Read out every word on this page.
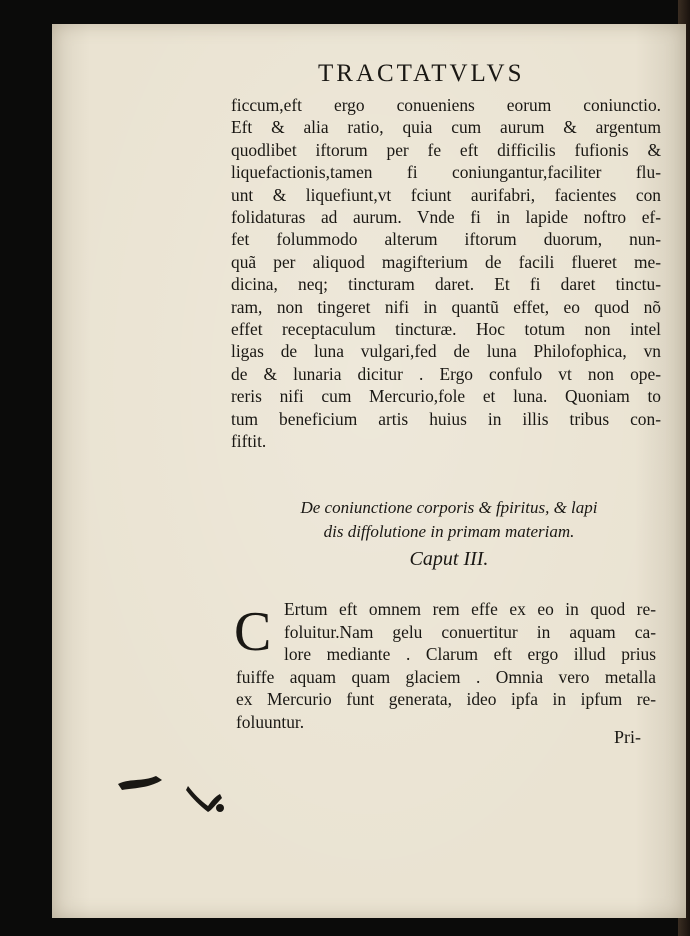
TRACTATVLVS
ficcum,eft ergo conueniens eorum coniunctio.
Eft & alia ratio, quia cum aurum & argentum
quodlibet iftorum per fe eft difficilis fufionis &
liquefactionis,tamen fi coniungantur,faciliter flu-
unt & liquefiunt,vt fciunt aurifabri, facientes con
folidaturas ad aurum. Vnde fi in lapide noftro ef-
fet folummodo alterum iftorum duorum, nun-
quã per aliquod magifterium de facili flueret me-
dicina, neq; tincturam daret. Et fi daret tinctu-
ram, non tingeret nifi in quantũ effet, eo quod nõ
effet receptaculum tincturæ. Hoc totum non intel
ligas de luna vulgari,fed de luna Philofophica, vn
de & lunaria dicitur . Ergo confulo vt non ope-
reris nifi cum Mercurio,fole et luna. Quoniam to
tum beneficium artis huius in illis tribus con-
fiftit.
De coniunctione corporis & fpiritus, & lapi
dis diffolutione in primam materiam.
Caput III.
C Ertum eft omnem rem effe ex eo in quod re-
foluitur.Nam gelu conuertitur in aquam ca-
lore mediante . Clarum eft ergo illud prius
fuiffe aquam quam glaciem . Omnia vero metalla
ex Mercurio funt generata, ideo ipfa in ipfum re-
foluuntur.
Pri-
